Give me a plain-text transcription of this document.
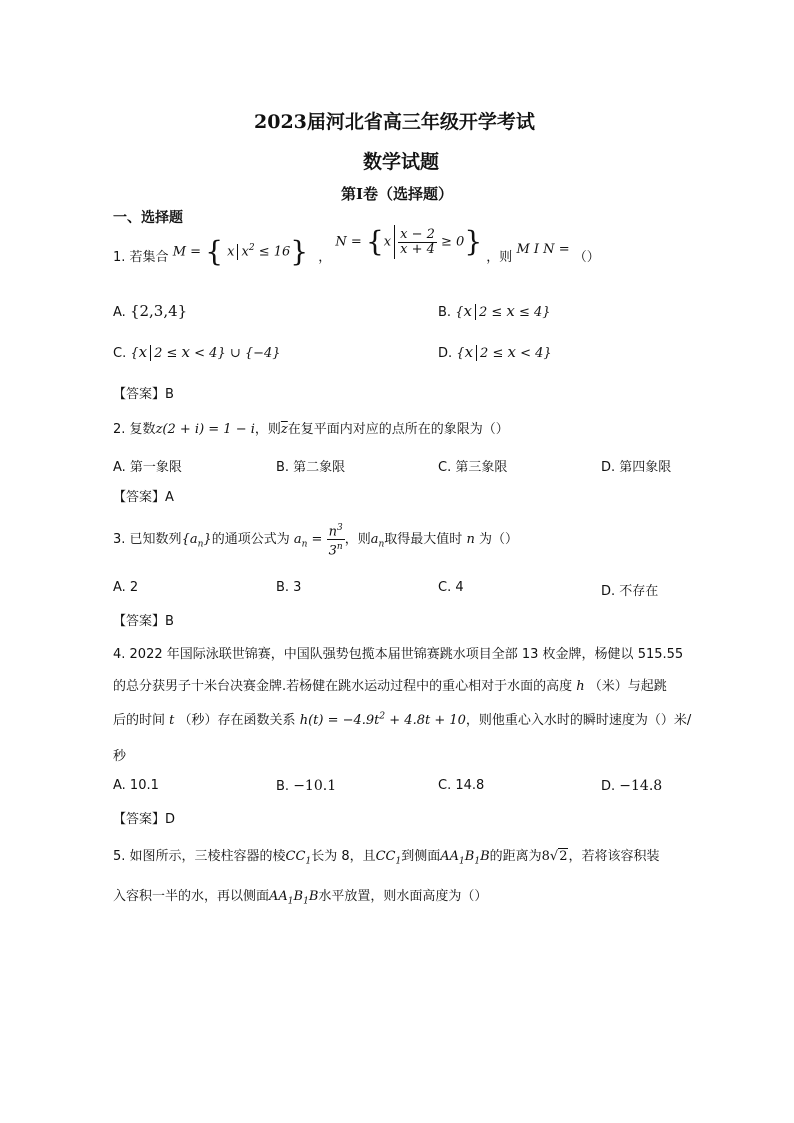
2023届河北省高三年级开学考试
数学试题
第Ⅰ卷（选择题）
一、选择题
1. 若集合 M = { x $x^2 \le 16$} ， $N = \{x \frac{x - 2}{x + 4} \ge 0\}$ ，则 M I N = （）
A. {2,3,4}	B. {x 2 ≤ x ≤ 4}
C. {x 2 ≤ x < 4} ∪ {−4}	D. {x 2 ≤ x < 4}
【答案】B
2. 复数z(2 + i) = 1 − i，则$\overline{z}$在复平面内对应的点所在的象限为（）
A. 第一象限	B. 第二象限	C. 第三象限	D. 第四象限
【答案】A
3. 已知数列$\{a_n\}$的通项公式为 $a_n = \frac{n^3}{3^n}$ ，则$a_n$取得最大值时 n 为（）
A. 2	B. 3	C. 4	D. 不存在
【答案】B
4. 2022 年国际泳联世锦赛，中国队强势包揽本届世锦赛跳水项目全部 13 枚金牌，杨健以 515.55
的总分获男子十米台决赛金牌.若杨健在跳水运动过程中的重心相对于水面的高度 h （米）与起跳
后的时间 t （秒）存在函数关系 $h(t) = -4.9t^2 + 4.8t + 10$，则他重心入水时的瞬时速度为（）米/
秒
A. 10.1	B. −10.1	C. 14.8	D. −14.8
【答案】D
5. 如图所示，三棱柱容器的棱$CC_1$长为 8，且$CC_1$到侧面$AA_1B_1B$的距离为8√2，若将该容积装
入容积一半的水，再以侧面$AA_1B_1B$水平放置，则水面高度为（）
